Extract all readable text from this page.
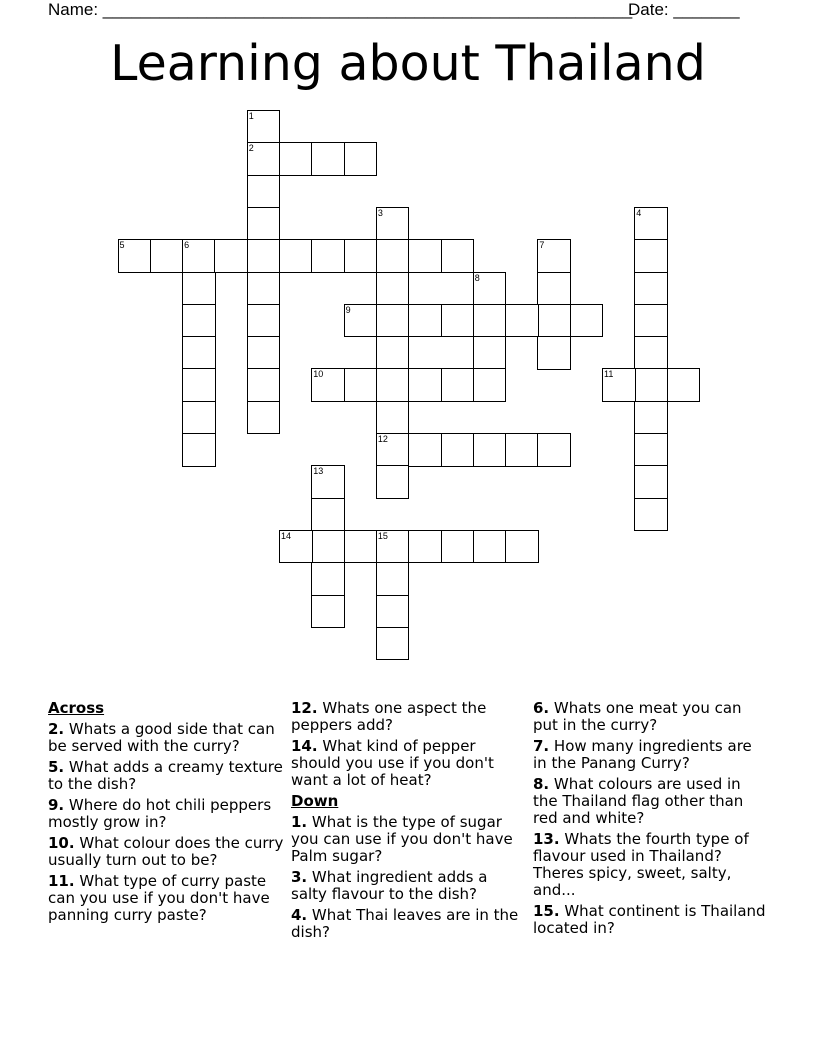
Name: ________________________________________________________
Date: _______
Learning about Thailand
1
2
3
12
4
5	6	7
8
9
10	11
13
14	15
Across
2. Whats a good side that can be served with the curry?
5. What adds a creamy texture to the dish?
9. Where do hot chili peppers mostly grow in?
10. What colour does the curry usually turn out to be?
11. What type of curry paste can you use if you don't have panning curry paste?
12. Whats one aspect the peppers add?
14. What kind of pepper should you use if you don't want a lot of heat?
Down
1. What is the type of sugar you can use if you don't have Palm sugar?
3. What ingredient adds a salty flavour to the dish?
4. What Thai leaves are in the dish?
6. Whats one meat you can put in the curry?
7. How many ingredients are in the Panang Curry?
8. What colours are used in the Thailand flag other than red and white?
13. Whats the fourth type of flavour used in Thailand? Theres spicy, sweet, salty, and...
15. What continent is Thailand located in?
